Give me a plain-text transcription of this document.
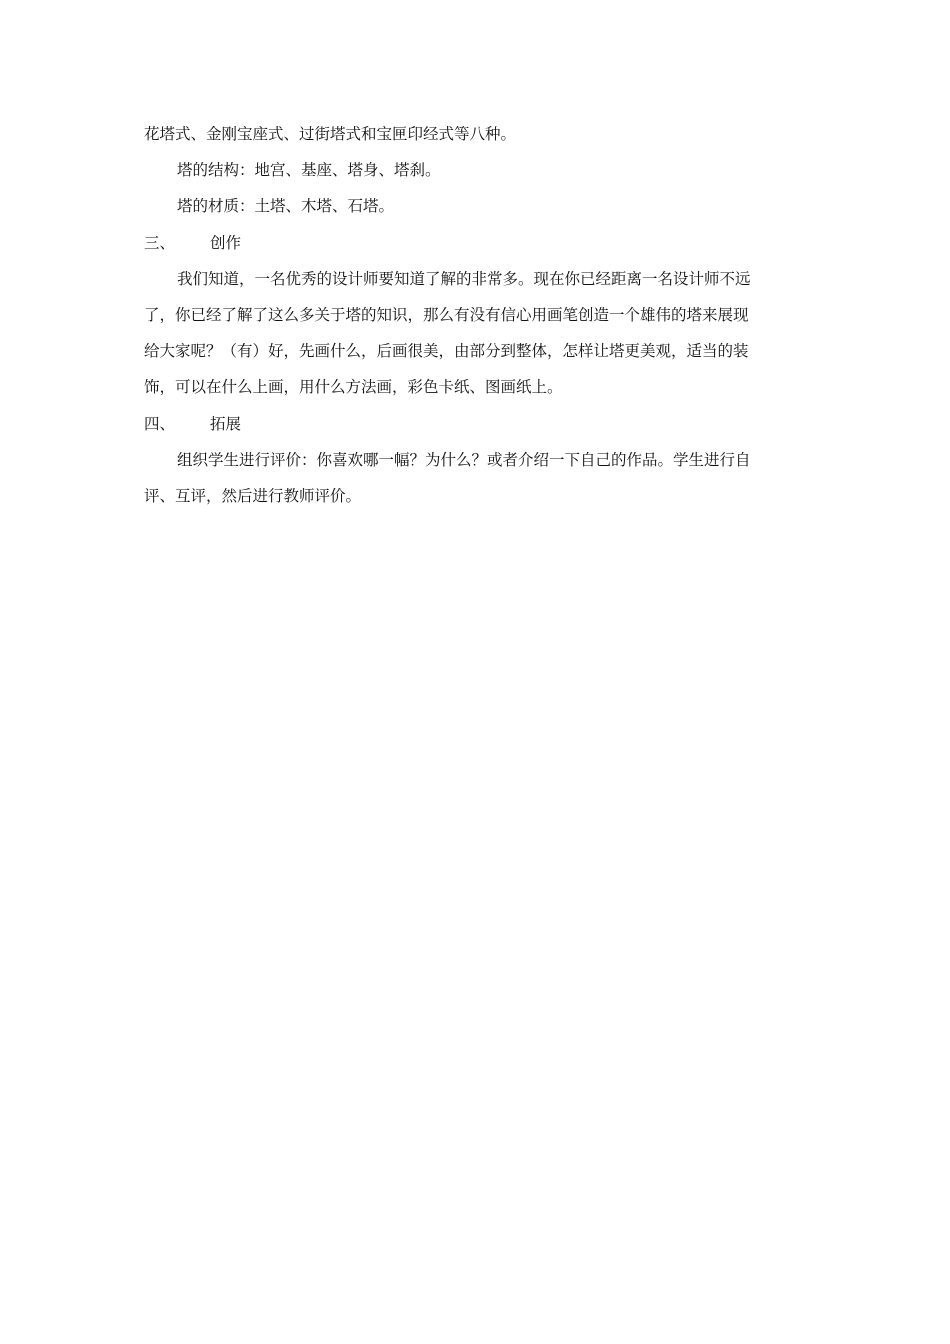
花塔式、金刚宝座式、过街塔式和宝匣印经式等八种。
塔的结构：地宫、基座、塔身、塔刹。
塔的材质：土塔、木塔、石塔。
三、 创作
我们知道，一名优秀的设计师要知道了解的非常多。现在你已经距离一名设计师不远
了，你已经了解了这么多关于塔的知识，那么有没有信心用画笔创造一个雄伟的塔来展现
给大家呢？（有）好，先画什么，后画很美，由部分到整体，怎样让塔更美观，适当的装
饰，可以在什么上画，用什么方法画，彩色卡纸、图画纸上。
四、 拓展
组织学生进行评价：你喜欢哪一幅？为什么？或者介绍一下自己的作品。学生进行自
评、互评，然后进行教师评价。
